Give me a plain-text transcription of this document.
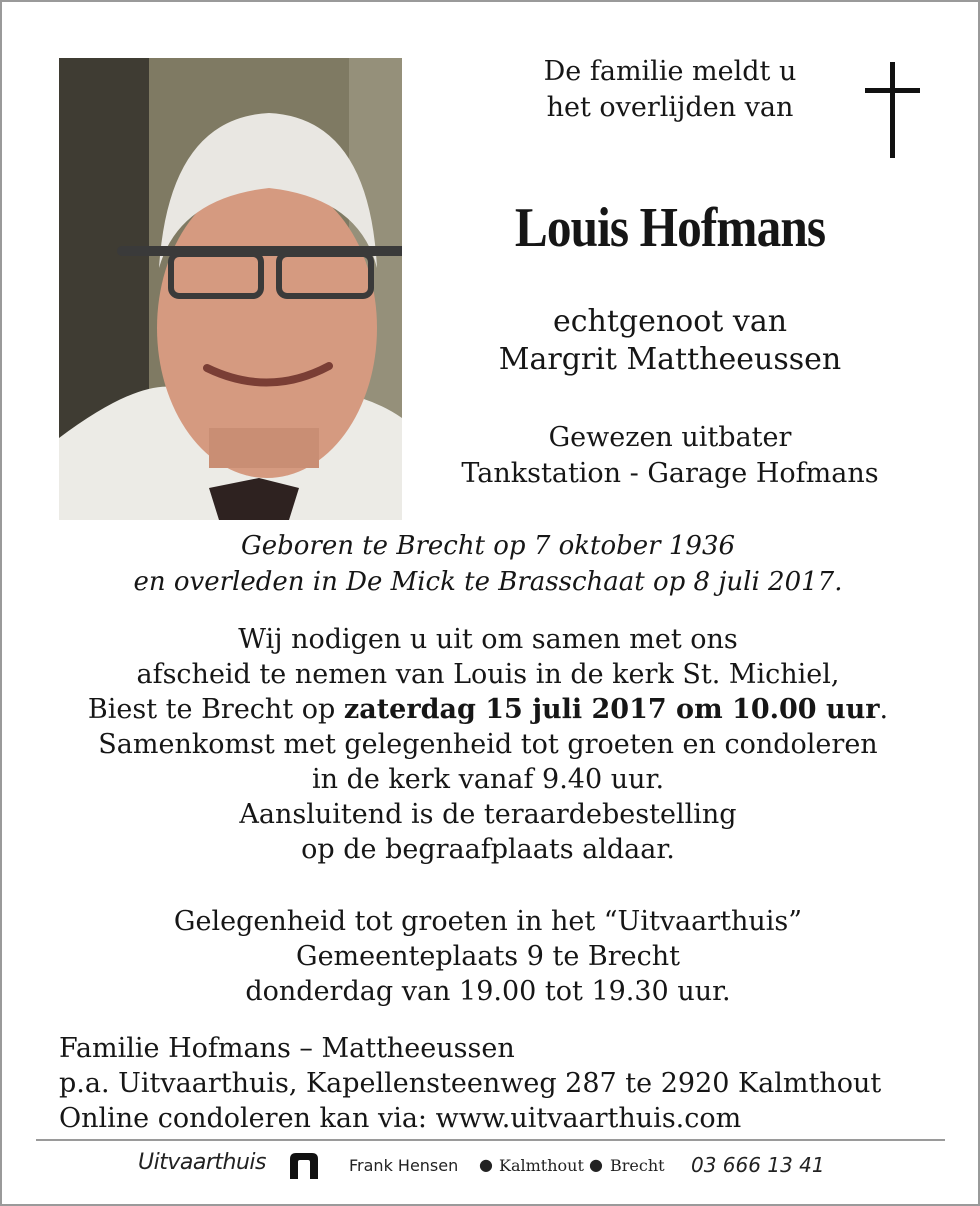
De familie meldt u
het overlijden van
Louis Hofmans
echtgenoot van
Margrit Mattheeussen
Gewezen uitbater
Tankstation - Garage Hofmans
Geboren te Brecht op 7 oktober 1936
en overleden in De Mick te Brasschaat op 8 juli 2017.
Wij nodigen u uit om samen met ons
afscheid te nemen van Louis in de kerk St. Michiel,
Biest te Brecht op zaterdag 15 juli 2017 om 10.00 uur.
Samenkomst met gelegenheid tot groeten en condoleren
in de kerk vanaf 9.40 uur.
Aansluitend is de teraardebestelling
op de begraafplaats aldaar.
Gelegenheid tot groeten in het “Uitvaarthuis”
Gemeenteplaats 9 te Brecht
donderdag van 19.00 tot 19.30 uur.
Familie Hofmans – Mattheeussen
p.a. Uitvaarthuis, Kapellensteenweg 287 te 2920 Kalmthout
Online condoleren kan via: www.uitvaarthuis.com
Uitvaarthuis	Frank Hensen ● Kalmthout ● Brecht 03 666 13 41
